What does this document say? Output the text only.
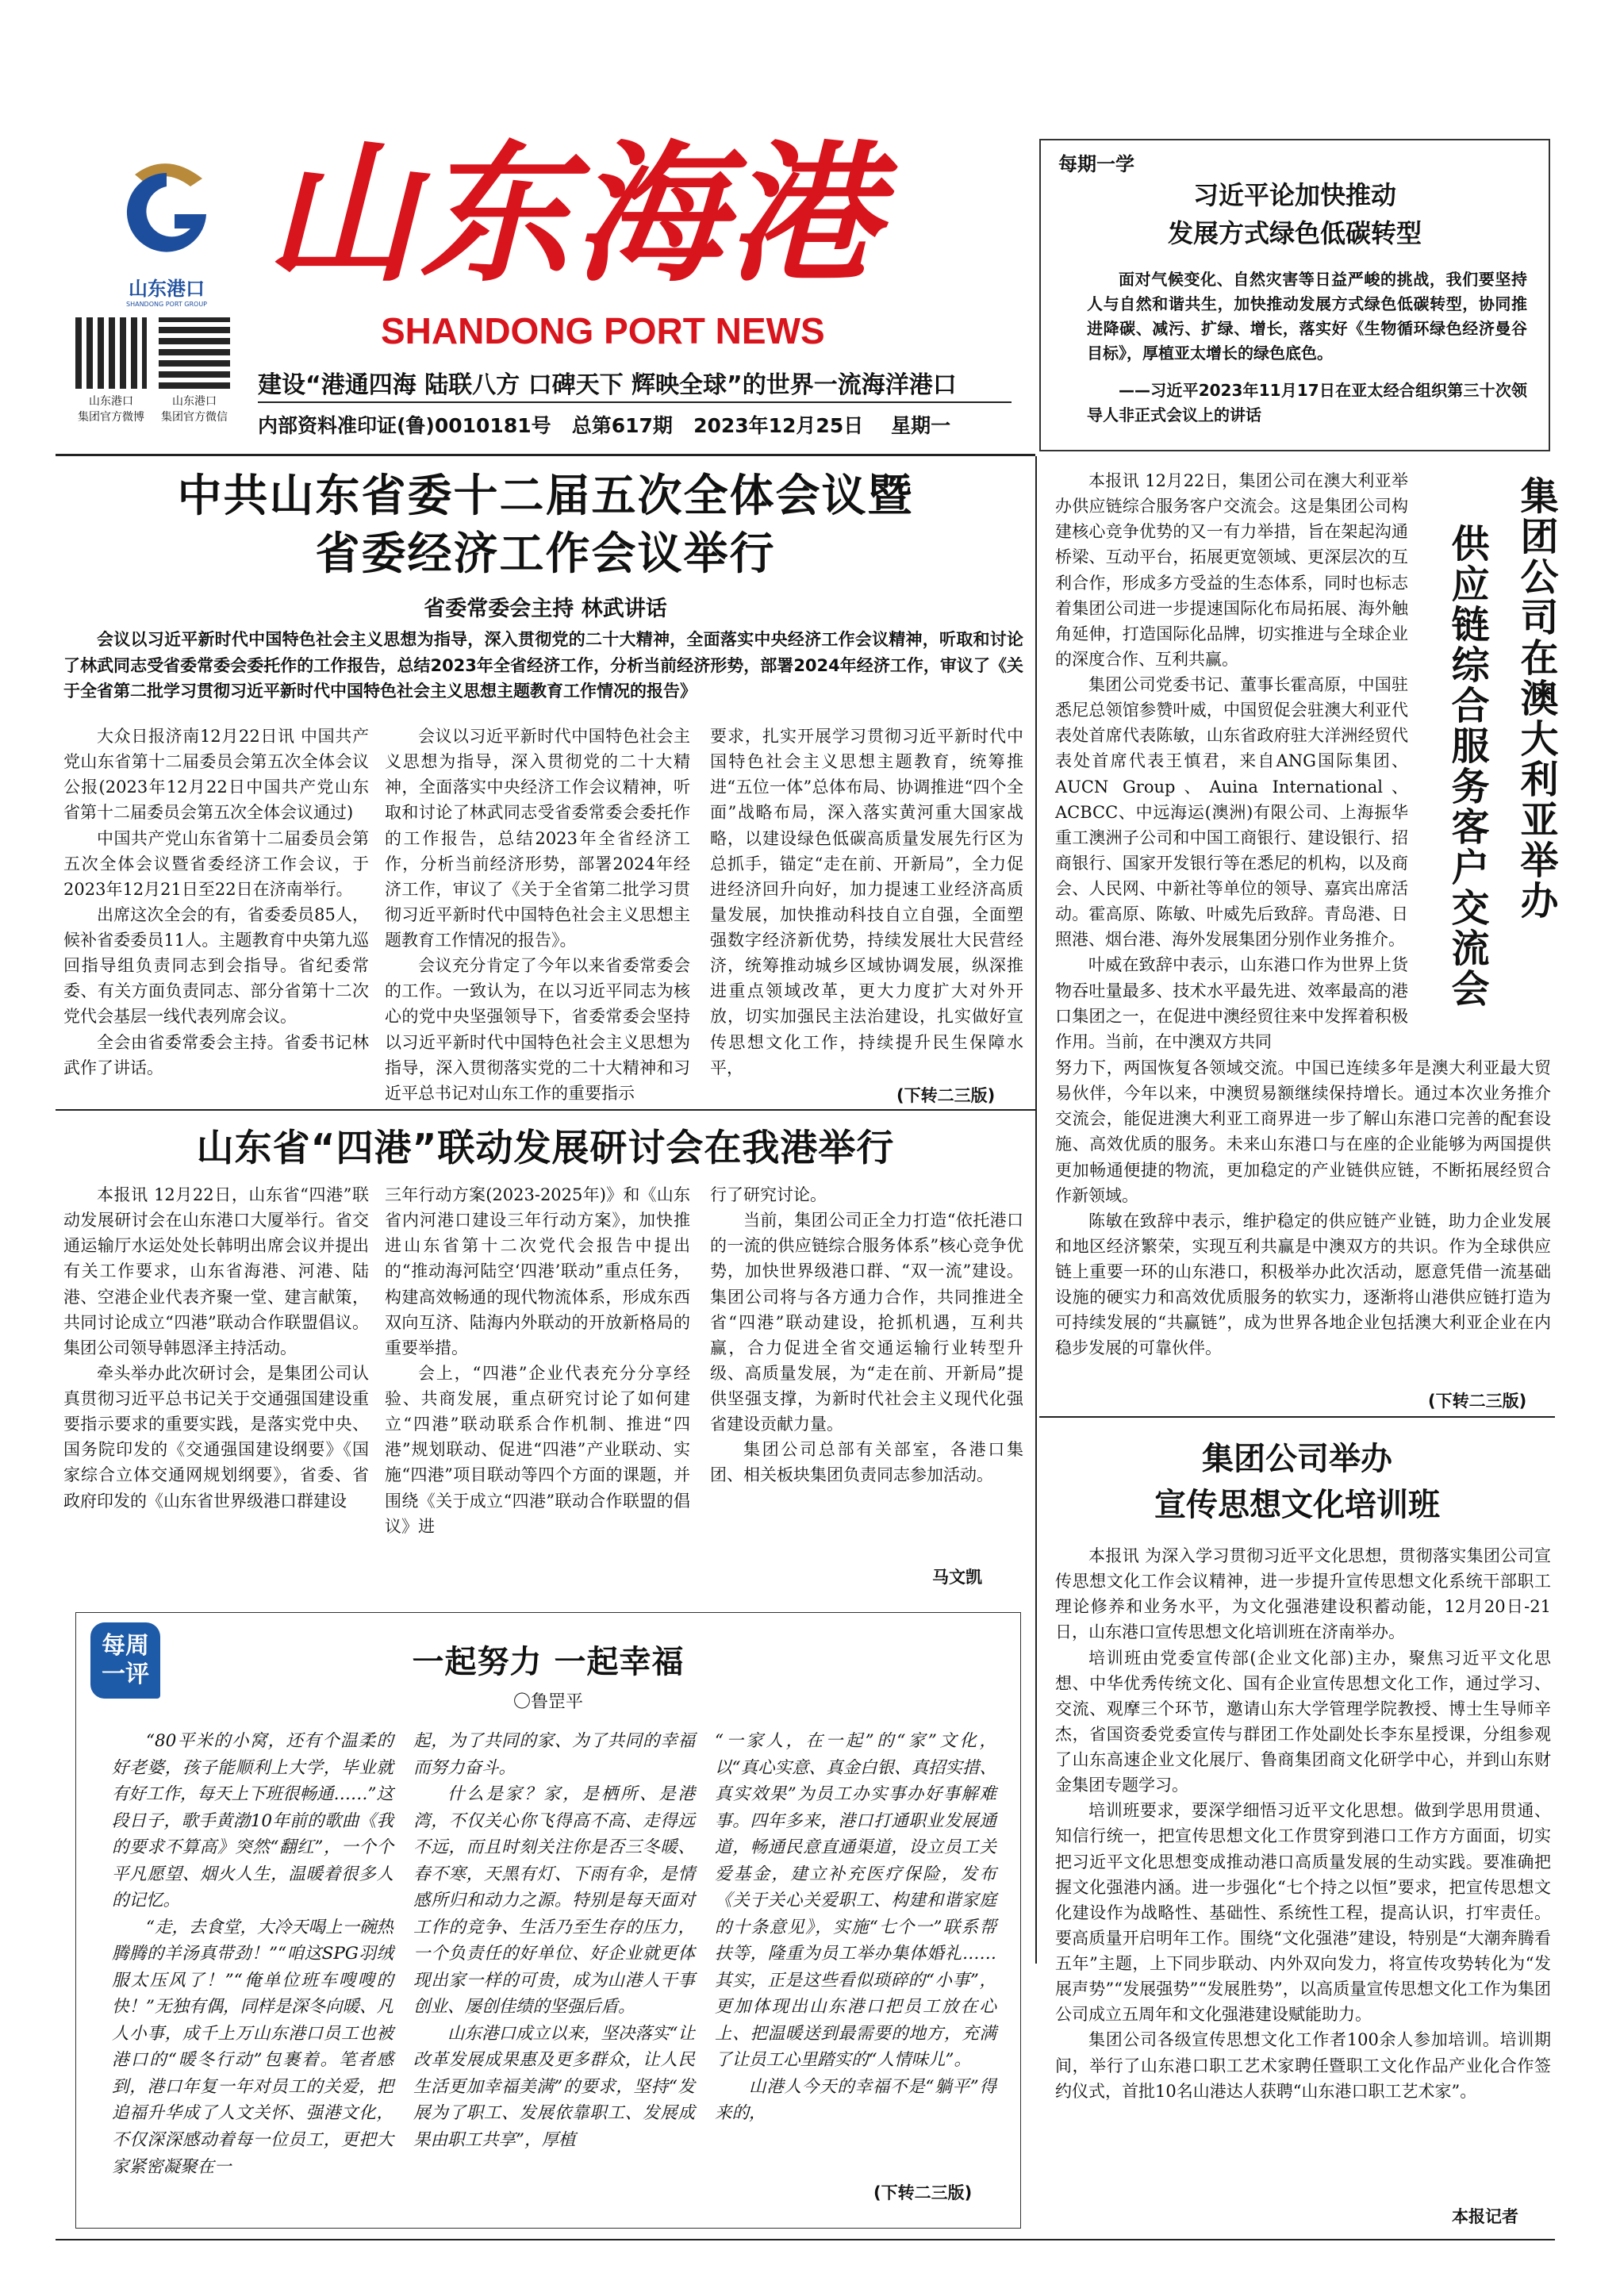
山东港口
SHANDONG PORT GROUP
山东海港
SHANDONG PORT NEWS
山东港口
集团官方微博
山东港口
集团官方微信
建设“港通四海 陆联八方 口碑天下 辉映全球”的世界一流海洋港口
内部资料准印证(鲁)0010181号 总第617期 2023年12月25日 星期一
每期一学
习近平论加快推动
发展方式绿色低碳转型
面对气候变化、自然灾害等日益严峻的挑战，我们要坚持人与自然和谐共生，加快推动发展方式绿色低碳转型，协同推进降碳、减污、扩绿、增长，落实好《生物循环绿色经济曼谷目标》，厚植亚太增长的绿色底色。
——习近平2023年11月17日在亚太经合组织第三十次领导人非正式会议上的讲话
中共山东省委十二届五次全体会议暨
省委经济工作会议举行
省委常委会主持 林武讲话

会议以习近平新时代中国特色社会主义思想为指导，深入贯彻党的二十大精神，全面落实中央经济工作会议精神，听取和讨论了林武同志受省委常委会委托作的工作报告，总结2023年全省经济工作，分析当前经济形势，部署2024年经济工作，审议了《关于全省第二批学习贯彻习近平新时代中国特色社会主义思想主题教育工作情况的报告》

大众日报济南12月22日讯 中国共产党山东省第十二届委员会第五次全体会议公报(2023年12月22日中国共产党山东省第十二届委员会第五次全体会议通过)

中国共产党山东省第十二届委员会第五次全体会议暨省委经济工作会议，于2023年12月21日至22日在济南举行。

出席这次全会的有，省委委员85人，候补省委委员11人。主题教育中央第九巡回指导组负责同志到会指导。省纪委常委、有关方面负责同志、部分省第十二次党代会基层一线代表列席会议。

全会由省委常委会主持。省委书记林武作了讲话。

会议以习近平新时代中国特色社会主义思想为指导，深入贯彻党的二十大精神，全面落实中央经济工作会议精神，听取和讨论了林武同志受省委常委会委托作的工作报告，总结2023年全省经济工作，分析当前经济形势，部署2024年经济工作，审议了《关于全省第二批学习贯彻习近平新时代中国特色社会主义思想主题教育工作情况的报告》。

会议充分肯定了今年以来省委常委会的工作。一致认为，在以习近平同志为核心的党中央坚强领导下，省委常委会坚持以习近平新时代中国特色社会主义思想为指导，深入贯彻落实党的二十大精神和习近平总书记对山东工作的重要指示

要求，扎实开展学习贯彻习近平新时代中国特色社会主义思想主题教育，统筹推进“五位一体”总体布局、协调推进“四个全面”战略布局，深入落实黄河重大国家战略，以建设绿色低碳高质量发展先行区为总抓手，锚定“走在前、开新局”，全力促进经济回升向好，加力提速工业经济高质量发展，加快推动科技自立自强，全面塑强数字经济新优势，持续发展壮大民营经济，统筹推动城乡区域协调发展，纵深推进重点领域改革，更大力度扩大对外开放，切实加强民主法治建设，扎实做好宣传思想文化工作，持续提升民生保障水平，

(下转二三版)
山东省“四港”联动发展研讨会在我港举行

本报讯 12月22日，山东省“四港”联动发展研讨会在山东港口大厦举行。省交通运输厅水运处处长韩明出席会议并提出有关工作要求，山东省海港、河港、陆港、空港企业代表齐聚一堂、建言献策，共同讨论成立“四港”联动合作联盟倡议。集团公司领导韩恩泽主持活动。

牵头举办此次研讨会，是集团公司认真贯彻习近平总书记关于交通强国建设重要指示要求的重要实践，是落实党中央、国务院印发的《交通强国建设纲要》《国家综合立体交通网规划纲要》，省委、省政府印发的《山东省世界级港口群建设

三年行动方案(2023-2025年)》和《山东省内河港口建设三年行动方案》，加快推进山东省第十二次党代会报告中提出的“推动海河陆空‘四港’联动”重点任务，构建高效畅通的现代物流体系，形成东西双向互济、陆海内外联动的开放新格局的重要举措。

会上，“四港”企业代表充分分享经验、共商发展，重点研究讨论了如何建立“四港”联动联系合作机制、推进“四港”规划联动、促进“四港”产业联动、实施“四港”项目联动等四个方面的课题，并围绕《关于成立“四港”联动合作联盟的倡议》进

行了研究讨论。

当前，集团公司正全力打造“依托港口的一流的供应链综合服务体系”核心竞争优势，加快世界级港口群、“双一流”建设。集团公司将与各方通力合作，共同推进全省“四港”联动建设，抢抓机遇，互利共赢，合力促进全省交通运输行业转型升级、高质量发展，为“走在前、开新局”提供坚强支撑，为新时代社会主义现代化强省建设贡献力量。

集团公司总部有关部室，各港口集团、相关板块集团负责同志参加活动。

马文凯
每周
一评	一起努力 一起幸福
〇鲁罡平

“80平米的小窝，还有个温柔的好老婆，孩子能顺利上大学，毕业就有好工作，每天上下班很畅通……”这段日子，歌手黄渤10年前的歌曲《我的要求不算高》突然“翻红”，一个个平凡愿望、烟火人生，温暖着很多人的记忆。

“走，去食堂，大冷天喝上一碗热腾腾的羊汤真带劲！”“咱这SPG羽绒服太压风了！”“俺单位班车嗖嗖的快！”无独有偶，同样是深冬向暖、凡人小事，成千上万山东港口员工也被港口的“暖冬行动”包裹着。笔者感到，港口年复一年对员工的关爱，把追福升华成了人文关怀、强港文化，不仅深深感动着每一位员工，更把大家紧密凝聚在一

起，为了共同的家、为了共同的幸福而努力奋斗。

什么是家？家，是栖所、是港湾，不仅关心你飞得高不高、走得远不远，而且时刻关注你是否三冬暖、春不寒，天黑有灯、下雨有伞，是情感所归和动力之源。特别是每天面对工作的竞争、生活乃至生存的压力，一个负责任的好单位、好企业就更体现出家一样的可贵，成为山港人干事创业、屡创佳绩的坚强后盾。

山东港口成立以来，坚决落实“让改革发展成果惠及更多群众，让人民生活更加幸福美满”的要求，坚持“发展为了职工、发展依靠职工、发展成果由职工共享”，厚植

“一家人，在一起”的“家”文化，以“真心实意、真金白银、真招实措、真实效果”为员工办实事办好事解难事。四年多来，港口打通职业发展通道，畅通民意直通渠道，设立员工关爱基金，建立补充医疗保险，发布《关于关心关爱职工、构建和谐家庭的十条意见》，实施“七个一”联系帮扶等，隆重为员工举办集体婚礼……其实，正是这些看似琐碎的“小事”，更加体现出山东港口把员工放在心上、把温暖送到最需要的地方，充满了让员工心里踏实的“人情味儿”。

山港人今天的幸福不是“躺平”得来的，

(下转二三版)
集团公司在澳大利亚举办
供应链综合服务客户交流会

本报讯 12月22日，集团公司在澳大利亚举办供应链综合服务客户交流会。这是集团公司构建核心竞争优势的又一有力举措，旨在架起沟通桥梁、互动平台，拓展更宽领域、更深层次的互利合作，形成多方受益的生态体系，同时也标志着集团公司进一步提速国际化布局拓展、海外触角延伸，打造国际化品牌，切实推进与全球企业的深度合作、互利共赢。

集团公司党委书记、董事长霍高原，中国驻悉尼总领馆参赞叶威，中国贸促会驻澳大利亚代表处首席代表陈敏，山东省政府驻大洋洲经贸代表处首席代表王慎君，来自ANG国际集团、AUCN Group、Auina International、ACBCC、中远海运(澳洲)有限公司、上海振华重工澳洲子公司和中国工商银行、建设银行、招商银行、国家开发银行等在悉尼的机构，以及商会、人民网、中新社等单位的领导、嘉宾出席活动。霍高原、陈敏、叶威先后致辞。青岛港、日照港、烟台港、海外发展集团分别作业务推介。

叶威在致辞中表示，山东港口作为世界上货物吞吐量最多、技术水平最先进、效率最高的港口集团之一，在促进中澳经贸往来中发挥着积极作用。当前，在中澳双方共同

努力下，两国恢复各领域交流。中国已连续多年是澳大利亚最大贸易伙伴，今年以来，中澳贸易额继续保持增长。通过本次业务推介交流会，能促进澳大利亚工商界进一步了解山东港口完善的配套设施、高效优质的服务。未来山东港口与在座的企业能够为两国提供更加畅通便捷的物流，更加稳定的产业链供应链，不断拓展经贸合作新领域。

陈敏在致辞中表示，维护稳定的供应链产业链，助力企业发展和地区经济繁荣，实现互利共赢是中澳双方的共识。作为全球供应链上重要一环的山东港口，积极举办此次活动，愿意凭借一流基础设施的硬实力和高效优质服务的软实力，逐渐将山港供应链打造为可持续发展的“共赢链”，成为世界各地企业包括澳大利亚企业在内稳步发展的可靠伙伴。

(下转二三版)
集团公司举办
宣传思想文化培训班

本报讯 为深入学习贯彻习近平文化思想，贯彻落实集团公司宣传思想文化工作会议精神，进一步提升宣传思想文化系统干部职工理论修养和业务水平，为文化强港建设积蓄动能，12月20日-21日，山东港口宣传思想文化培训班在济南举办。

培训班由党委宣传部(企业文化部)主办，聚焦习近平文化思想、中华优秀传统文化、国有企业宣传思想文化工作，通过学习、交流、观摩三个环节，邀请山东大学管理学院教授、博士生导师辛杰，省国资委党委宣传与群团工作处副处长李东星授课，分组参观了山东高速企业文化展厅、鲁商集团商文化研学中心，并到山东财金集团专题学习。

培训班要求，要深学细悟习近平文化思想。做到学思用贯通、知信行统一，把宣传思想文化工作贯穿到港口工作方方面面，切实把习近平文化思想变成推动港口高质量发展的生动实践。要准确把握文化强港内涵。进一步强化“七个持之以恒”要求，把宣传思想文化建设作为战略性、基础性、系统性工程，提高认识，打牢责任。要高质量开启明年工作。围绕“文化强港”建设，特别是“大潮奔腾看五年”主题，上下同步联动、内外双向发力，将宣传攻势转化为“发展声势”“发展强势”“发展胜势”，以高质量宣传思想文化工作为集团公司成立五周年和文化强港建设赋能助力。

集团公司各级宣传思想文化工作者100余人参加培训。培训期间，举行了山东港口职工艺术家聘任暨职工文化作品产业化合作签约仪式，首批10名山港达人获聘“山东港口职工艺术家”。

本报记者
